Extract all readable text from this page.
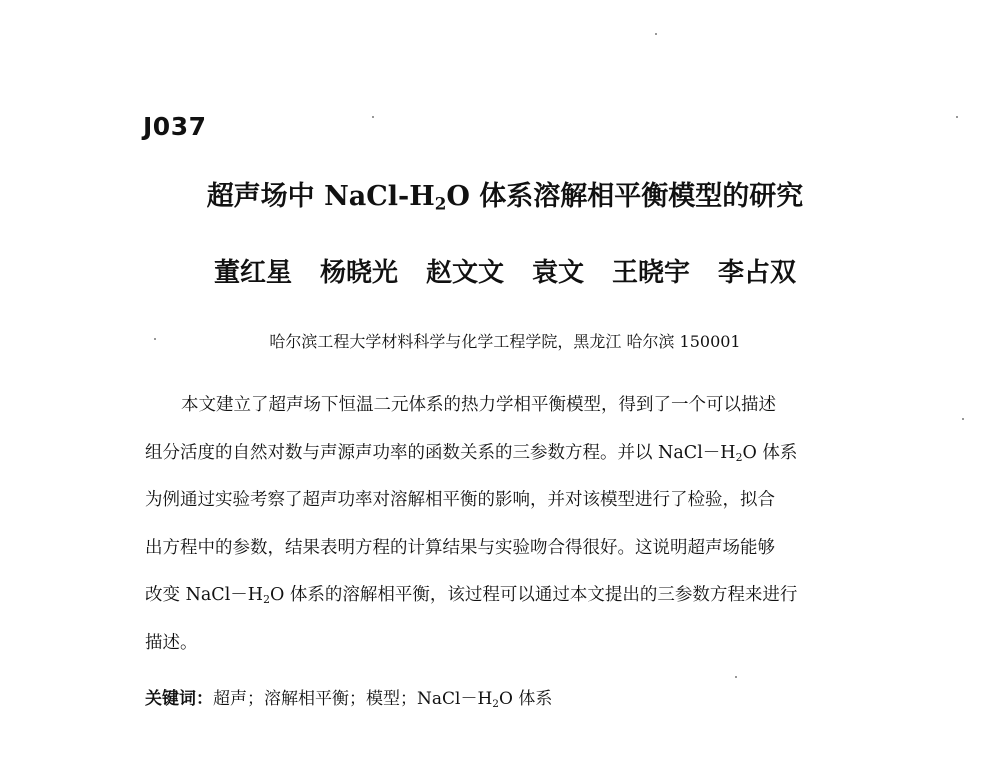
J037
超声场中 NaCl-$H_2O$ 体系溶解相平衡模型的研究
董红星 杨晓光 赵文文 袁文 王晓宇 李占双
哈尔滨工程大学材料科学与化学工程学院，黑龙江 哈尔滨 150001
本文建立了超声场下恒温二元体系的热力学相平衡模型，得到了一个可以描述
组分活度的自然对数与声源声功率的函数关系的三参数方程。并以 $NaCl-H_2O$ 体系
为例通过实验考察了超声功率对溶解相平衡的影响，并对该模型进行了检验，拟合
出方程中的参数，结果表明方程的计算结果与实验吻合得很好。这说明超声场能够
改变 $NaCl-H_2O$ 体系的溶解相平衡，该过程可以通过本文提出的三参数方程来进行
描述。
关键词：超声；溶解相平衡；模型；$NaCl-H_2O$ 体系
